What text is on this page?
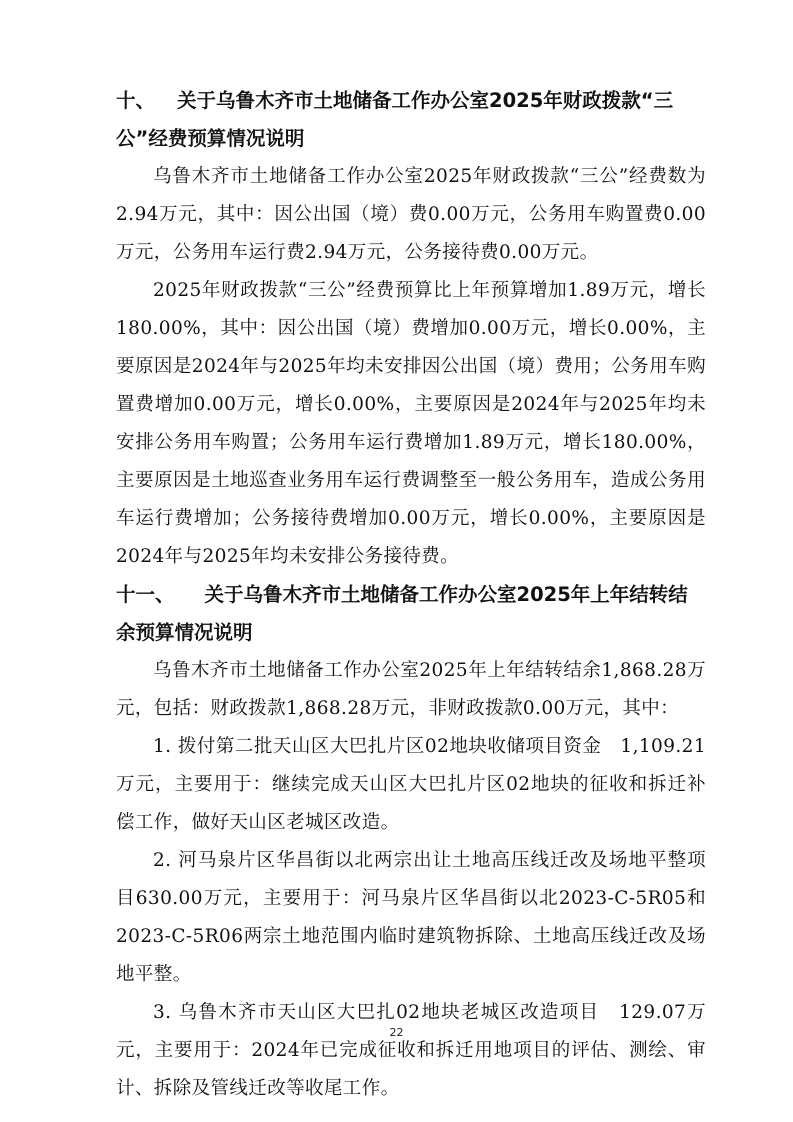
十、 关于乌鲁木齐市土地储备工作办公室2025年财政拨款“三公”经费预算情况说明

乌鲁木齐市土地储备工作办公室2025年财政拨款“三公”经费数为2.94万元，其中：因公出国（境）费0.00万元，公务用车购置费0.00万元，公务用车运行费2.94万元，公务接待费0.00万元。

2025年财政拨款“三公”经费预算比上年预算增加1.89万元，增长180.00%，其中：因公出国（境）费增加0.00万元，增长0.00%，主要原因是2024年与2025年均未安排因公出国（境）费用；公务用车购置费增加0.00万元，增长0.00%，主要原因是2024年与2025年均未安排公务用车购置；公务用车运行费增加1.89万元，增长180.00%，主要原因是土地巡查业务用车运行费调整至一般公务用车，造成公务用车运行费增加；公务接待费增加0.00万元，增长0.00%，主要原因是2024年与2025年均未安排公务接待费。

十一、 关于乌鲁木齐市土地储备工作办公室2025年上年结转结余预算情况说明

乌鲁木齐市土地储备工作办公室2025年上年结转结余1,868.28万元，包括：财政拨款1,868.28万元，非财政拨款0.00万元，其中：

1. 拨付第二批天山区大巴扎片区02地块收储项目资金　1,109.21万元，主要用于：继续完成天山区大巴扎片区02地块的征收和拆迁补偿工作，做好天山区老城区改造。

2. 河马泉片区华昌街以北两宗出让土地高压线迁改及场地平整项目630.00万元，主要用于：河马泉片区华昌街以北2023-C-5R05和2023-C-5R06两宗土地范围内临时建筑物拆除、土地高压线迁改及场地平整。

3. 乌鲁木齐市天山区大巴扎02地块老城区改造项目　129.07万元，主要用于：2024年已完成征收和拆迁用地项目的评估、测绘、审计、拆除及管线迁改等收尾工作。

22
